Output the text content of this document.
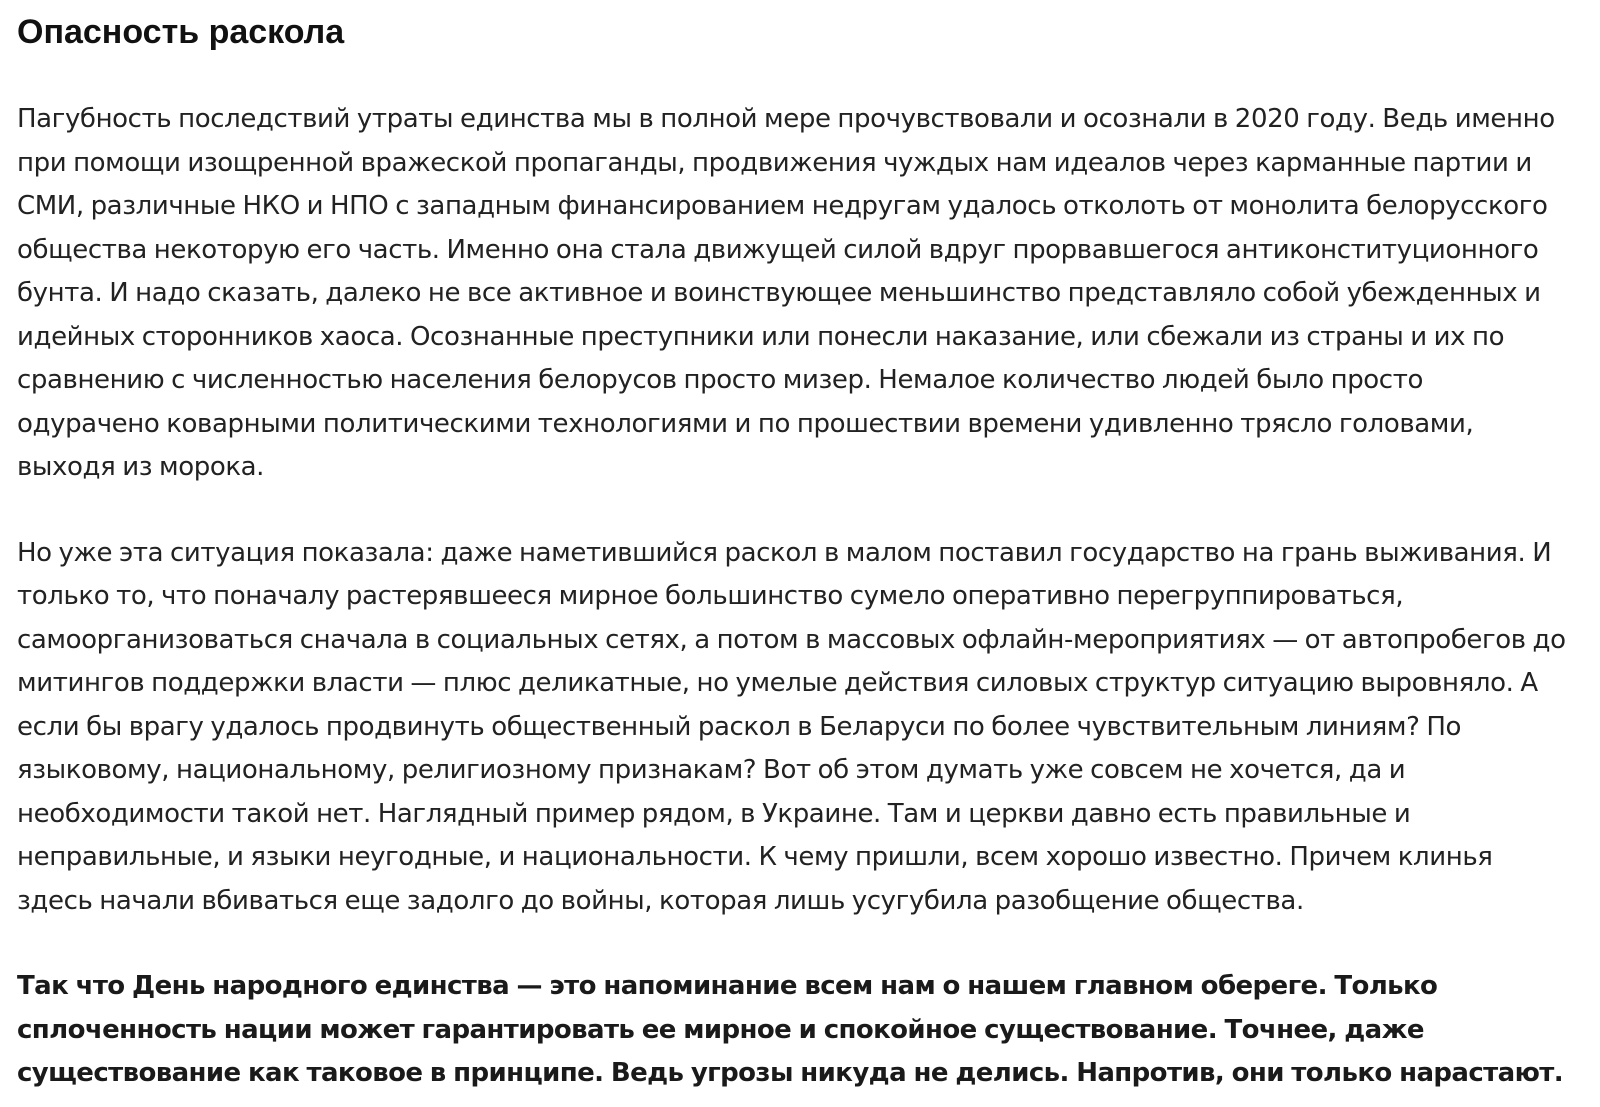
Опасность раскола

Пагубность последствий утраты единства мы в полной мере прочувствовали и осознали в 2020 году. Ведь именно при помощи изощренной вражеской пропаганды, продвижения чуждых нам идеалов через карманные партии и СМИ, различные НКО и НПО с западным финансированием недругам удалось отколоть от монолита белорусского общества некоторую его часть. Именно она стала движущей силой вдруг прорвавшегося антиконституционного бунта. И надо сказать, далеко не все активное и воинствующее меньшинство представляло собой убежденных и идейных сторонников хаоса. Осознанные преступники или понесли наказание, или сбежали из страны и их по сравнению с численностью населения белорусов просто мизер. Немалое количество людей было просто одурачено коварными политическими технологиями и по прошествии времени удивленно трясло головами, выходя из морока.

Но уже эта ситуация показала: даже наметившийся раскол в малом поставил государство на грань выживания. И только то, что поначалу растерявшееся мирное большинство сумело оперативно перегруппироваться, самоорганизоваться сначала в социальных сетях, а потом в массовых офлайн-мероприятиях — от автопробегов до митингов поддержки власти — плюс деликатные, но умелые действия силовых структур ситуацию выровняло. А если бы врагу удалось продвинуть общественный раскол в Беларуси по более чувствительным линиям? По языковому, национальному, религиозному признакам? Вот об этом думать уже совсем не хочется, да и необходимости такой нет. Наглядный пример рядом, в Украине. Там и церкви давно есть правильные и неправильные, и языки неугодные, и национальности. К чему пришли, всем хорошо известно. Причем клинья здесь начали вбиваться еще задолго до войны, которая лишь усугубила разобщение общества.

Так что День народного единства — это напоминание всем нам о нашем главном обереге. Только сплоченность нации может гарантировать ее мирное и спокойное существование. Точнее, даже существование как таковое в принципе. Ведь угрозы никуда не делись. Напротив, они только нарастают.
